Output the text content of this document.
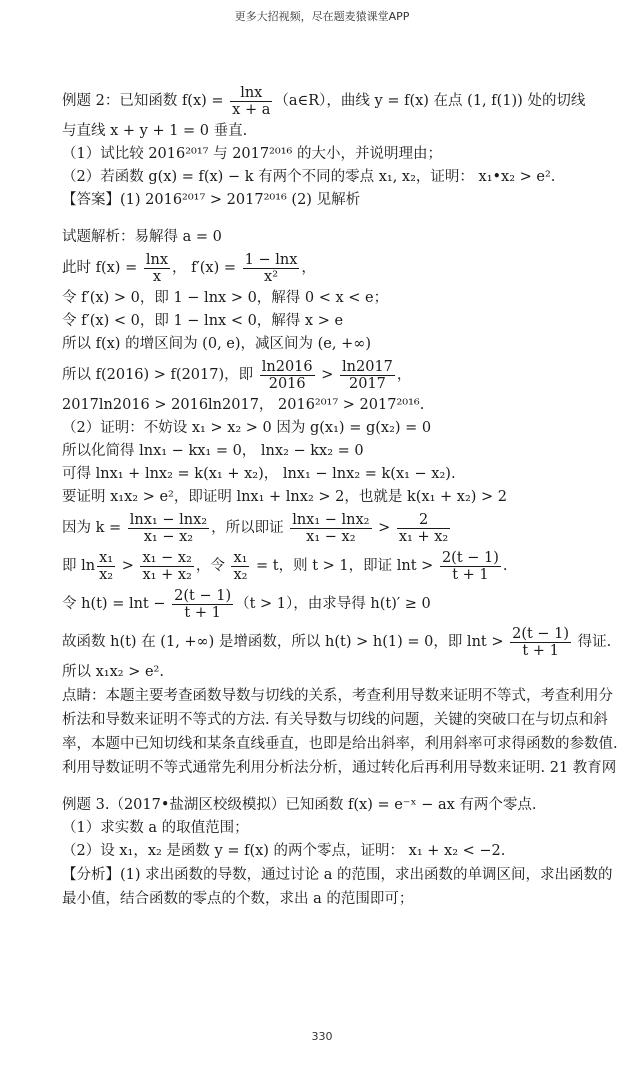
更多大招视频，尽在题麦猿课堂APP
例题 2：已知函数 $f(x) = \frac{\ln x}{x + a}$ （a∈R），曲线 y = f(x) 在点 (1, f(1)) 处的切线
与直线 x + y + 1 = 0 垂直.
（1）试比较 2016²⁰¹⁷ 与 2017²⁰¹⁶ 的大小，并说明理由；
（2）若函数 g(x) = f(x) − k 有两个不同的零点 x₁, x₂，证明： x₁•x₂ > e².
【答案】(1) 2016²⁰¹⁷ > 2017²⁰¹⁶ (2) 见解析
试题解析：易解得 a = 0
此时 $f(x) = \frac{\ln x}{x}$ ， $f'(x) = \frac{1 - \ln x}{\text{x²}}$ ，
令 f′(x) > 0，即 1 − lnx > 0，解得 0 < x < e；
令 f′(x) < 0，即 1 − lnx < 0，解得 x > e
所以 f(x) 的增区间为 (0, e)，减区间为 (e, +∞)
所以 f(2016) > f(2017)，即 $\frac{\ln 2016}{2016} > \frac{\ln 2017}{2017}$ ，
2017ln2016 > 2016ln2017， 2016²⁰¹⁷ > 2017²⁰¹⁶.
（2）证明：不妨设 x₁ > x₂ > 0 因为 g(x₁) = g(x₂) = 0
所以化简得 lnx₁ − kx₁ = 0， lnx₂ − kx₂ = 0
可得 lnx₁ + lnx₂ = k(x₁ + x₂)， lnx₁ − lnx₂ = k(x₁ − x₂).
要证明 x₁x₂ > e²，即证明 lnx₁ + lnx₂ > 2，也就是 k(x₁ + x₂) > 2
因为 $k = \frac{\text{lnx₁ − lnx₂}}{\text{x₁ − x₂}}$ ，所以即证 $\frac{\text{lnx₁ − lnx₂}}{\text{x₁ − x₂}} > \frac{2}{\text{x₁ + x₂}}$
即 $\ln \frac{\text{x₁}}{\text{x₂}} > \frac{\text{x₁ − x₂}}{\text{x₁ + x₂}}$ ，令 $\frac{\text{x₁}}{\text{x₂}} = t$，则 t > 1，即证 $\ln t > \frac{2(t - 1)}{t + 1}$ .
令 $h(t) = \ln t - \frac{2(t - 1)}{t + 1} (t > 1)$，由求导得 h(t)′ ≥ 0
故函数 h(t) 在 (1, +∞) 是增函数，所以 h(t) > h(1) = 0，即 $\ln t > \frac{2(t - 1)}{t + 1}$ 得证.
所以 x₁x₂ > e².
点睛：本题主要考查函数导数与切线的关系，考查利用导数来证明不等式，考查利用分析法和导数来证明不等式的方法. 有关导数与切线的问题，关键的突破口在与切点和斜率，本题中已知切线和某条直线垂直，也即是给出斜率，利用斜率可求得函数的参数值. 利用导数证明不等式通常先利用分析法分析，通过转化后再利用导数来证明. 21 教育网
例题 3.（2017•盐湖区校级模拟）已知函数 f(x) = e⁻ˣ − ax 有两个零点.
（1）求实数 a 的取值范围；
（2）设 x₁，x₂ 是函数 y = f(x) 的两个零点，证明： x₁ + x₂ < −2.
【分析】(1) 求出函数的导数，通过讨论 a 的范围，求出函数的单调区间，求出函数的最小值，结合函数的零点的个数，求出 a 的范围即可；
330
